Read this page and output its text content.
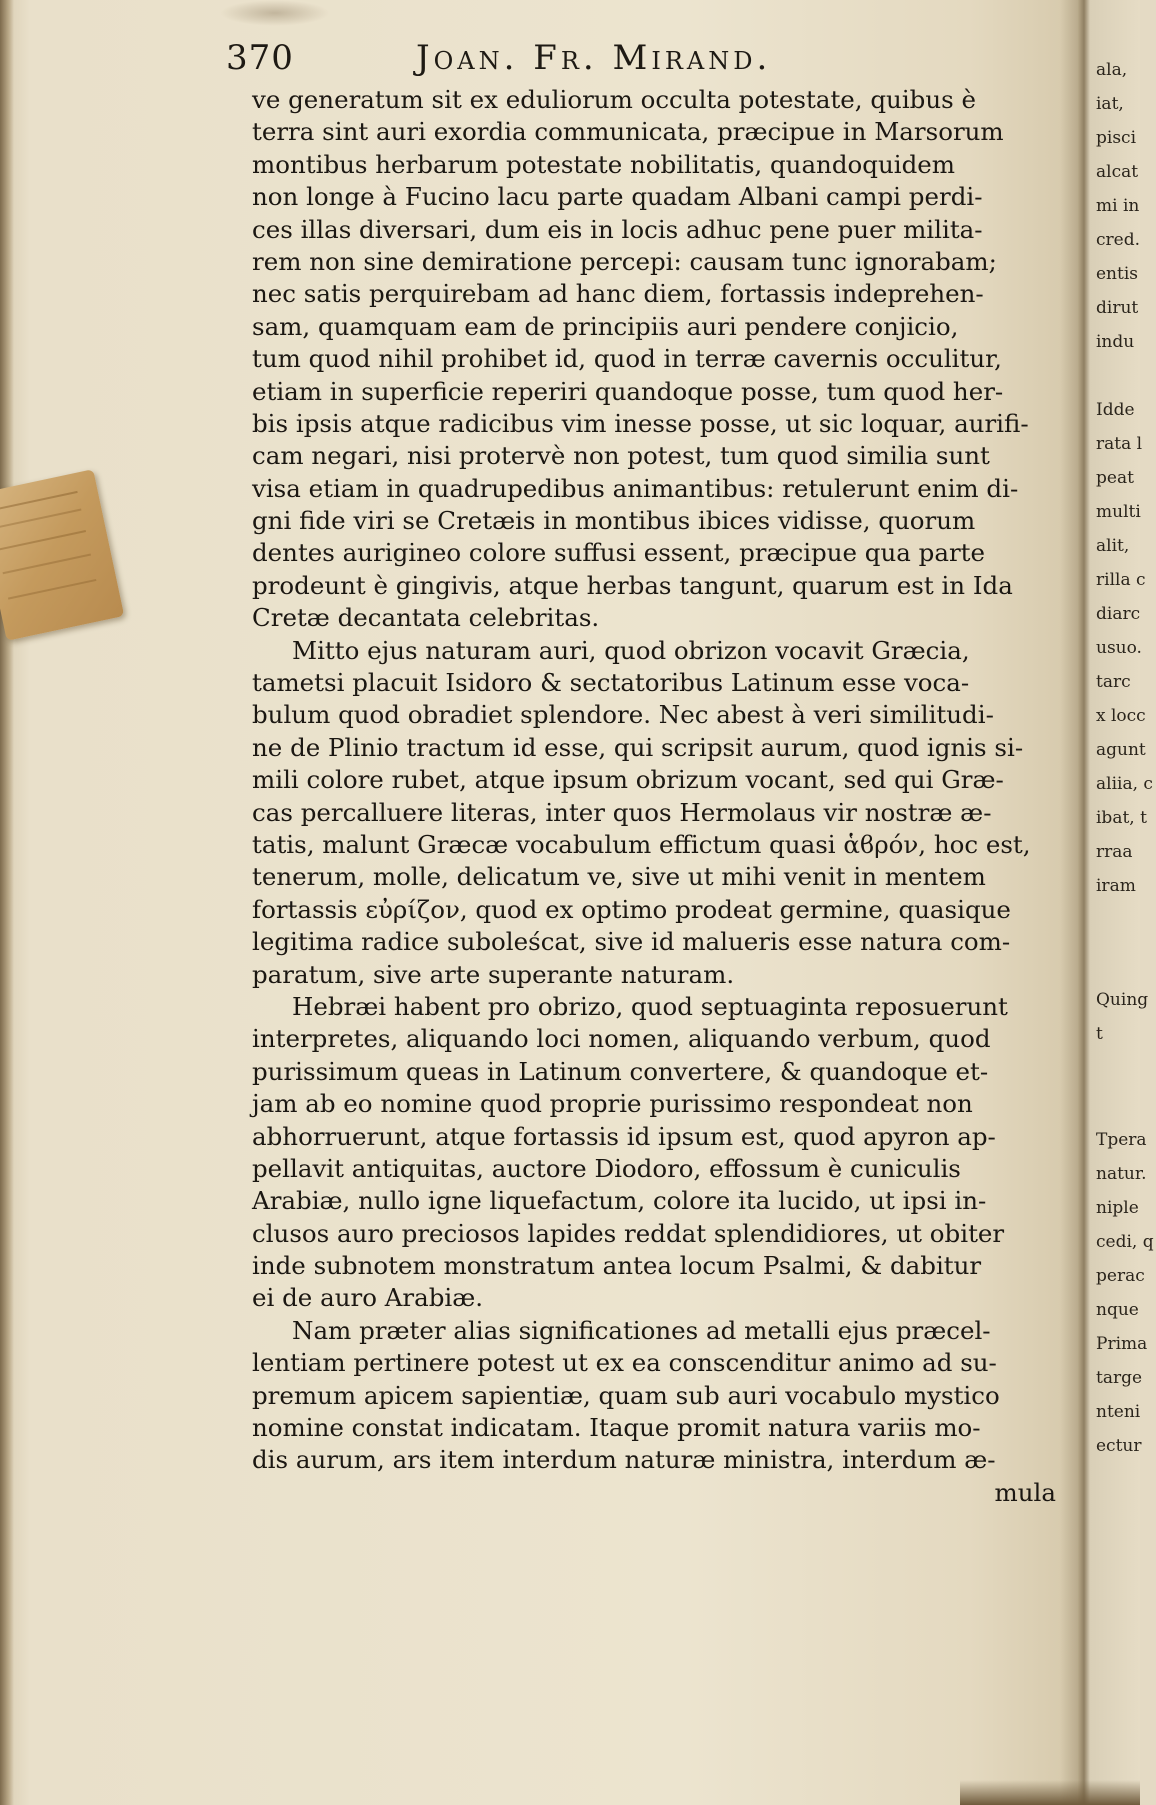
370	Joan. Fr. Mirand.
ve generatum sit ex eduliorum occulta potestate, quibus è
terra sint auri exordia communicata, præcipue in Marsorum
montibus herbarum potestate nobilitatis, quandoquidem
non longe à Fucino lacu parte quadam Albani campi perdi-
ces illas diversari, dum eis in locis adhuc pene puer milita-
rem non sine demiratione percepi: causam tunc ignorabam;
nec satis perquirebam ad hanc diem, fortassis indeprehen-
sam, quamquam eam de principiis auri pendere conjicio,
tum quod nihil prohibet id, quod in terræ cavernis occulitur,
etiam in superficie reperiri quandoque posse, tum quod her-
bis ipsis atque radicibus vim inesse posse, ut sic loquar, aurifi-
cam negari, nisi protervè non potest, tum quod similia sunt
visa etiam in quadrupedibus animantibus: retulerunt enim di-
gni fide viri se Cretæis in montibus ibices vidisse, quorum
dentes aurigineo colore suffusi essent, præcipue qua parte
prodeunt è gingivis, atque herbas tangunt, quarum est in Ida
Cretæ decantata celebritas.
Mitto ejus naturam auri, quod obrizon vocavit Græcia,
tametsi placuit Isidoro & sectatoribus Latinum esse voca-
bulum quod obradiet splendore. Nec abest à veri similitudi-
ne de Plinio tractum id esse, qui scripsit aurum, quod ignis si-
mili colore rubet, atque ipsum obrizum vocant, sed qui Græ-
cas percalluere literas, inter quos Hermolaus vir nostræ æ-
tatis, malunt Græcæ vocabulum effictum quasi ἁϐρόν, hoc est,
tenerum, molle, delicatum ve, sive ut mihi venit in mentem
fortassis εὐρίζον, quod ex optimo prodeat germine, quasique
legitima radice suboleścat, sive id malueris esse natura com-
paratum, sive arte superante naturam.
Hebræi habent pro obrizo, quod septuaginta reposuerunt
interpretes, aliquando loci nomen, aliquando verbum, quod
purissimum queas in Latinum convertere, & quandoque et-
jam ab eo nomine quod proprie purissimo respondeat non
abhorruerunt, atque fortassis id ipsum est, quod apyron ap-
pellavit antiquitas, auctore Diodoro, effossum è cuniculis
Arabiæ, nullo igne liquefactum, colore ita lucido, ut ipsi in-
clusos auro preciosos lapides reddat splendidiores, ut obiter
inde subnotem monstratum antea locum Psalmi, & dabitur
ei de auro Arabiæ.
Nam præter alias significationes ad metalli ejus præcel-
lentiam pertinere potest ut ex ea conscenditur animo ad su-
premum apicem sapientiæ, quam sub auri vocabulo mystico
nomine constat indicatam. Itaque promit natura variis mo-
dis aurum, ars item interdum naturæ ministra, interdum æ-
mula
ala,
iat,
pisci
alcat
mi in
cred.
entis
dirut
indu
Idde
rata l
peat
multi
alit,
rilla c
diarc
usuo.
tarc
x locc
agunt
aliia, c
ibat, t
rraa
iram
Quing
t
Tpera
natur.
niple
cedi, q
perac
nque
Prima
targe
nteni
ectur
